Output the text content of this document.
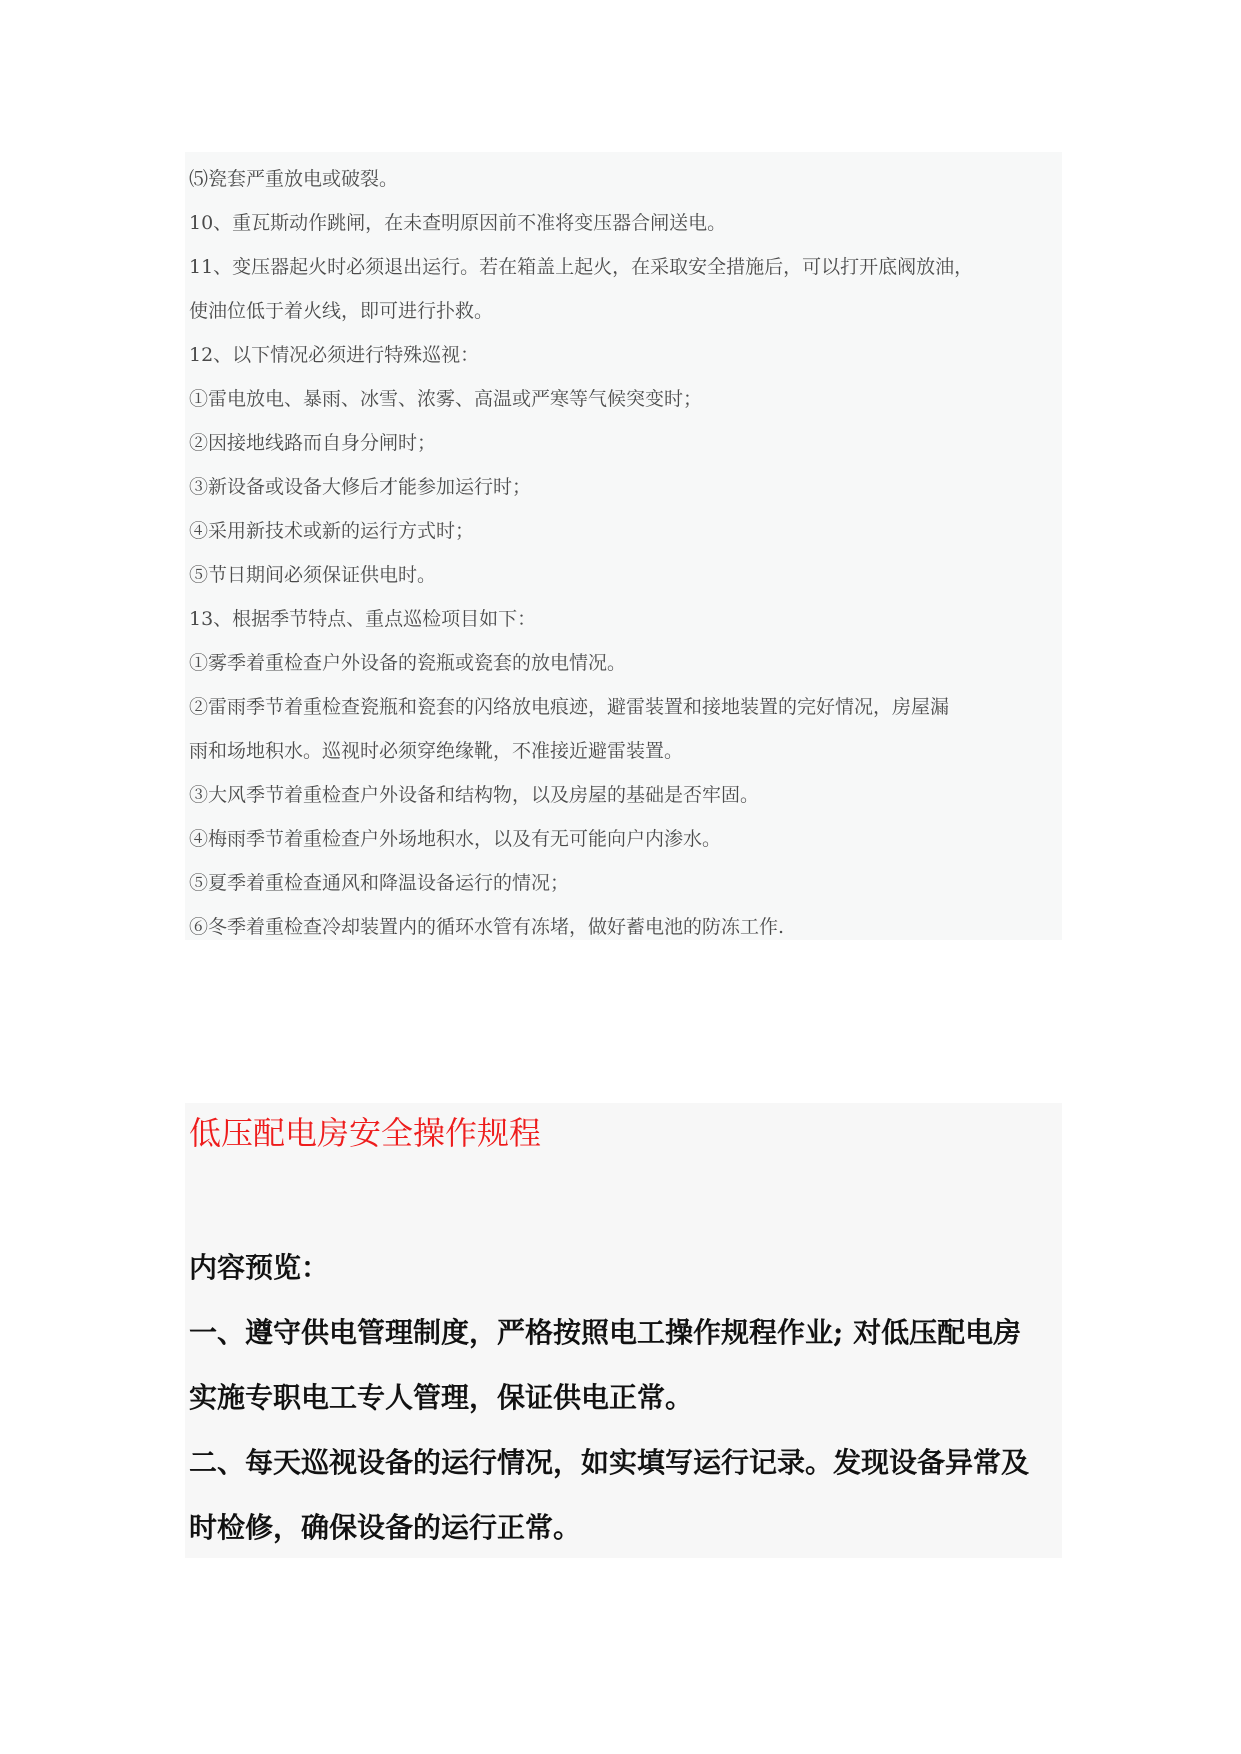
⑸瓷套严重放电或破裂。
10、重瓦斯动作跳闸，在未查明原因前不准将变压器合闸送电。
11、变压器起火时必须退出运行。若在箱盖上起火，在采取安全措施后，可以打开底阀放油，
使油位低于着火线，即可进行扑救。
12、以下情况必须进行特殊巡视：
①雷电放电、暴雨、冰雪、浓雾、高温或严寒等气候突变时；
②因接地线路而自身分闸时；
③新设备或设备大修后才能参加运行时；
④采用新技术或新的运行方式时；
⑤节日期间必须保证供电时。
13、根据季节特点、重点巡检项目如下：
①雾季着重检查户外设备的瓷瓶或瓷套的放电情况。
②雷雨季节着重检查瓷瓶和瓷套的闪络放电痕迹，避雷装置和接地装置的完好情况，房屋漏
雨和场地积水。巡视时必须穿绝缘靴，不准接近避雷装置。
③大风季节着重检查户外设备和结构物，以及房屋的基础是否牢固。
④梅雨季节着重检查户外场地积水，以及有无可能向户内渗水。
⑤夏季着重检查通风和降温设备运行的情况；
⑥冬季着重检查冷却装置内的循环水管有冻堵，做好蓄电池的防冻工作.
低压配电房安全操作规程
内容预览：
一、遵守供电管理制度，严格按照电工操作规程作业; 对低压配电房
实施专职电工专人管理，保证供电正常。
二、每天巡视设备的运行情况，如实填写运行记录。发现设备异常及
时检修，确保设备的运行正常。
